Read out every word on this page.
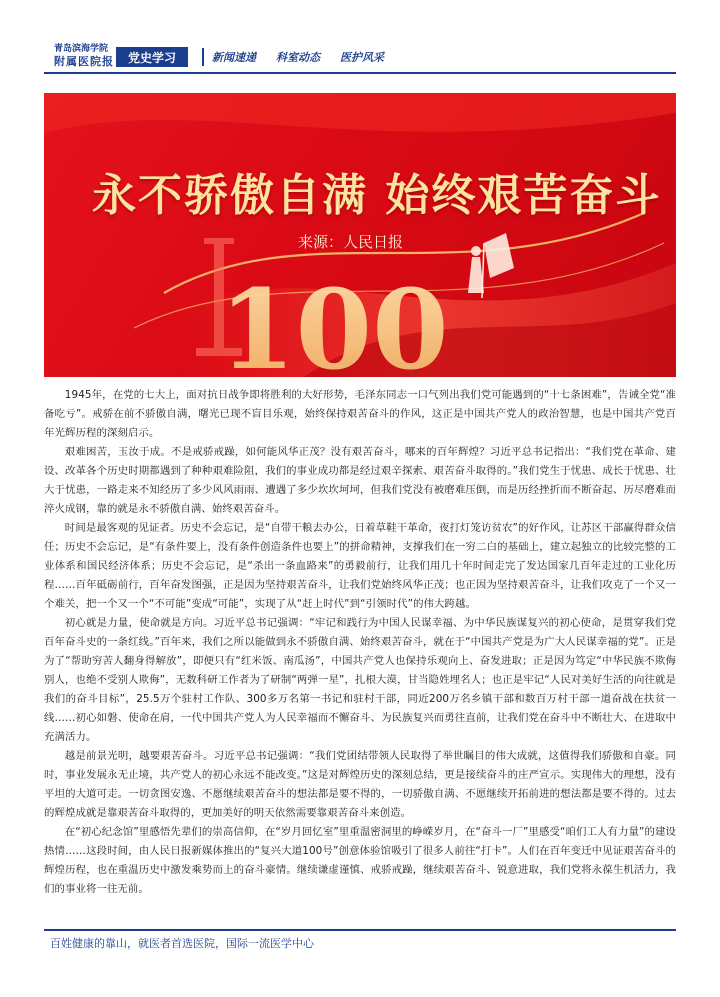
青岛滨海学院
附属医院报	党史学习	新闻速递 科室动态 医护风采
100
永不骄傲自满 始终艰苦奋斗
来源：人民日报

1945年，在党的七大上，面对抗日战争即将胜利的大好形势，毛泽东同志一口气列出我们党可能遇到的“十七条困难”，告诫全党“准备吃亏”。戒骄在前不骄傲自满，曙光已现不盲目乐观，始终保持艰苦奋斗的作风，这正是中国共产党人的政治智慧，也是中国共产党百年光辉历程的深刻启示。

艰难困苦，玉汝于成。不是戒骄戒躁，如何能风华正茂？没有艰苦奋斗，哪来的百年辉煌？习近平总书记指出：“我们党在革命、建设、改革各个历史时期都遇到了种种艰难险阻，我们的事业成功都是经过艰辛探索、艰苦奋斗取得的。”我们党生于忧患、成长于忧患、壮大于忧患，一路走来不知经历了多少风风雨雨、遭遇了多少坎坎坷坷，但我们党没有被磨难压倒，而是历经挫折而不断奋起、历尽磨难而淬火成钢，靠的就是永不骄傲自满、始终艰苦奋斗。

时间是最客观的见证者。历史不会忘记，是“自带干粮去办公，日着草鞋干革命，夜打灯笼访贫农”的好作风，让苏区干部赢得群众信任；历史不会忘记，是“有条件要上，没有条件创造条件也要上”的拼命精神，支撑我们在一穷二白的基础上，建立起独立的比较完整的工业体系和国民经济体系；历史不会忘记，是“杀出一条血路来”的勇毅前行，让我们用几十年时间走完了发达国家几百年走过的工业化历程……百年砥砺前行，百年奋发图强，正是因为坚持艰苦奋斗，让我们党始终风华正茂；也正因为坚持艰苦奋斗，让我们攻克了一个又一个难关，把一个又一个“不可能”变成“可能”，实现了从“赶上时代”到“引领时代”的伟大跨越。

初心就是力量，使命就是方向。习近平总书记强调：“牢记和践行为中国人民谋幸福、为中华民族谋复兴的初心使命，是贯穿我们党百年奋斗史的一条红线。”百年来，我们之所以能做到永不骄傲自满、始终艰苦奋斗，就在于“中国共产党是为广大人民谋幸福的党”。正是为了“帮助穷苦人翻身得解放”，即便只有“红米饭、南瓜汤”，中国共产党人也保持乐观向上、奋发进取；正是因为笃定“中华民族不欺侮别人，也绝不受别人欺侮”，无数科研工作者为了研制“两弹一星”，扎根大漠，甘当隐姓埋名人；也正是牢记“人民对美好生活的向往就是我们的奋斗目标”，25.5万个驻村工作队、300多万名第一书记和驻村干部，同近200万名乡镇干部和数百万村干部一道奋战在扶贫一线……初心如磐、使命在肩，一代中国共产党人为人民幸福而不懈奋斗、为民族复兴而勇往直前，让我们党在奋斗中不断壮大、在进取中充满活力。

越是前景光明，越要艰苦奋斗。习近平总书记强调：“我们党团结带领人民取得了举世瞩目的伟大成就，这值得我们骄傲和自豪。同时，事业发展永无止境，共产党人的初心永远不能改变。”这是对辉煌历史的深刻总结，更是接续奋斗的庄严宣示。实现伟大的理想，没有平坦的大道可走。一切贪图安逸、不愿继续艰苦奋斗的想法都是要不得的，一切骄傲自满、不愿继续开拓前进的想法都是要不得的。过去的辉煌成就是靠艰苦奋斗取得的，更加美好的明天依然需要靠艰苦奋斗来创造。

在“初心纪念馆”里感悟先辈们的崇高信仰，在“岁月回忆室”里重温密洞里的峥嵘岁月，在“奋斗一厂”里感受“咱们工人有力量”的建设热情……这段时间，由人民日报新媒体推出的“复兴大道100号”创意体验馆吸引了很多人前往“打卡”。人们在百年变迁中见证艰苦奋斗的辉煌历程，也在重温历史中激发乘势而上的奋斗豪情。继续谦虚谨慎、戒骄戒躁，继续艰苦奋斗、锐意进取，我们党将永葆生机活力，我们的事业将一往无前。

百姓健康的靠山，就医者首选医院，国际一流医学中心
